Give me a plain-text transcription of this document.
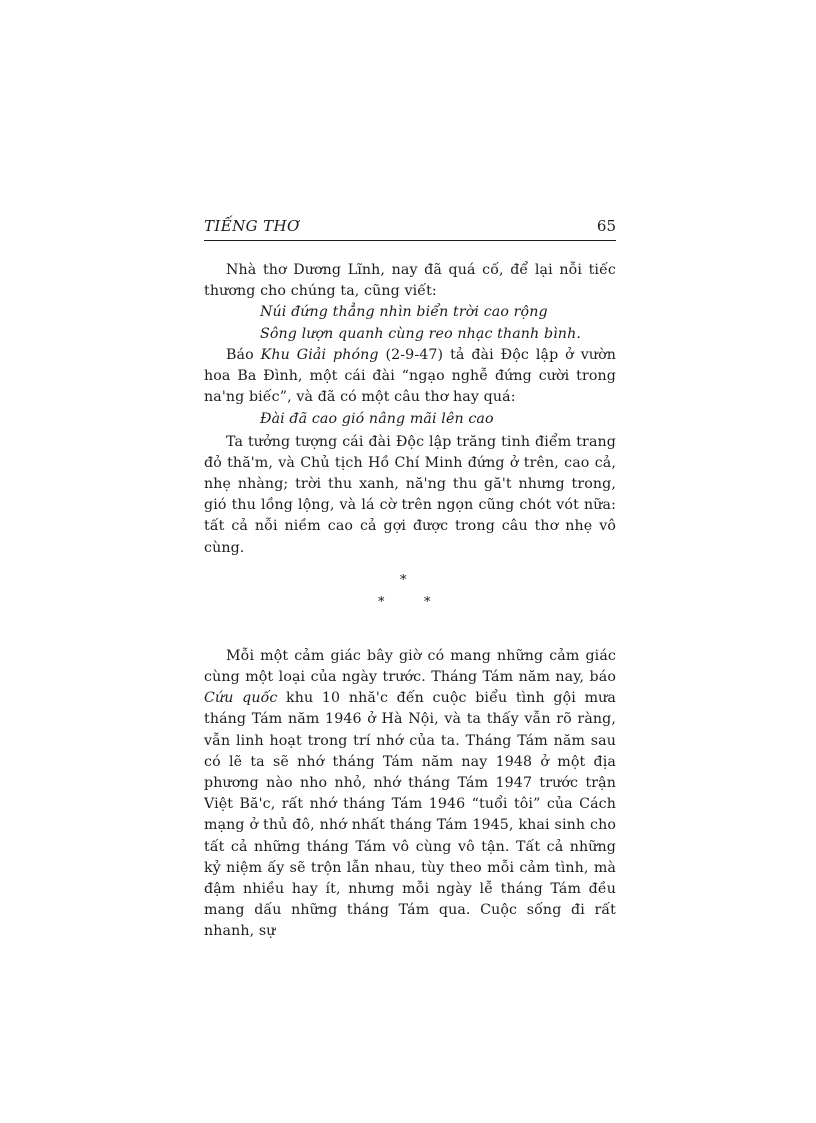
TIẾNG THƠ	65

Nhà thơ Dương Lĩnh, nay đã quá cố, để lại nỗi tiếc thương cho chúng ta, cũng viết:

Núi đứng thẳng nhìn biển trời cao rộng
Sông lượn quanh cùng reo nhạc thanh bình.

Báo Khu Giải phóng (2-9-47) tả đài Độc lập ở vườn hoa Ba Đình, một cái đài “ngạo nghễ đứng cười trong na'ng biếc”, và đã có một câu thơ hay quá:

Đài đã cao gió nâng mãi lên cao

Ta tưởng tượng cái đài Độc lập trăng tinh điểm trang đỏ thă'm, và Chủ tịch Hồ Chí Minh đứng ở trên, cao cả, nhẹ nhàng; trời thu xanh, nă'ng thu gă't nhưng trong, gió thu lồng lộng, và lá cờ trên ngọn cũng chót vót nữa: tất cả nỗi niềm cao cả gợi được trong câu thơ nhẹ vô cùng.

*
*	*

Mỗi một cảm giác bây giờ có mang những cảm giác cùng một loại của ngày trước. Tháng Tám năm nay, báo Cứu quốc khu 10 nhă'c đến cuộc biểu tình gội mưa tháng Tám năm 1946 ở Hà Nội, và ta thấy vẫn rõ ràng, vẫn linh hoạt trong trí nhớ của ta. Tháng Tám năm sau có lẽ ta sẽ nhớ tháng Tám năm nay 1948 ở một địa phương nào nho nhỏ, nhớ tháng Tám 1947 trước trận Việt Bă'c, rất nhớ tháng Tám 1946 “tuổi tôi” của Cách mạng ở thủ đô, nhớ nhất tháng Tám 1945, khai sinh cho tất cả những tháng Tám vô cùng vô tận. Tất cả những kỷ niệm ấy sẽ trộn lẫn nhau, tùy theo mỗi cảm tình, mà đậm nhiều hay ít, nhưng mỗi ngày lễ tháng Tám đều mang dấu những tháng Tám qua. Cuộc sống đi rất nhanh, sự
